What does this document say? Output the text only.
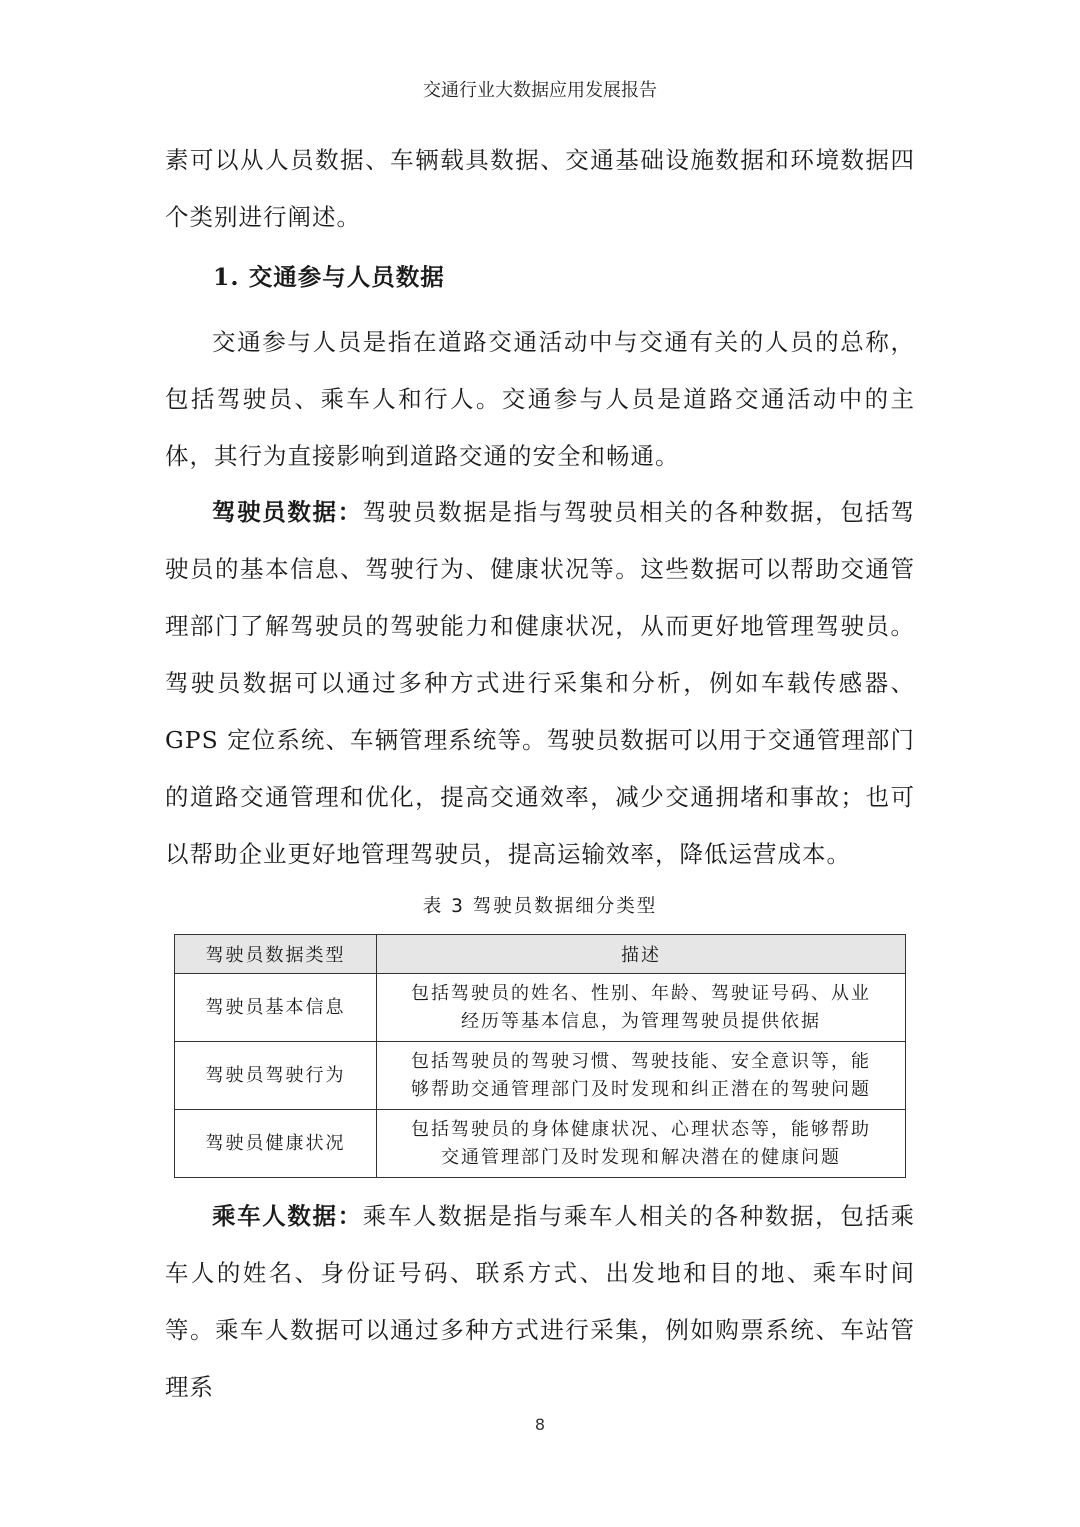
交通行业大数据应用发展报告

素可以从人员数据、车辆载具数据、交通基础设施数据和环境数据四个类别进行阐述。

1. 交通参与人员数据

交通参与人员是指在道路交通活动中与交通有关的人员的总称，包括驾驶员、乘车人和行人。交通参与人员是道路交通活动中的主体，其行为直接影响到道路交通的安全和畅通。

驾驶员数据：驾驶员数据是指与驾驶员相关的各种数据，包括驾驶员的基本信息、驾驶行为、健康状况等。这些数据可以帮助交通管理部门了解驾驶员的驾驶能力和健康状况，从而更好地管理驾驶员。驾驶员数据可以通过多种方式进行采集和分析，例如车载传感器、GPS 定位系统、车辆管理系统等。驾驶员数据可以用于交通管理部门的道路交通管理和优化，提高交通效率，减少交通拥堵和事故；也可以帮助企业更好地管理驾驶员，提高运输效率，降低运营成本。

表 3 驾驶员数据细分类型

驾驶员数据类型	描述
驾驶员基本信息	包括驾驶员的姓名、性别、年龄、驾驶证号码、从业
经历等基本信息，为管理驾驶员提供依据

驾驶员驾驶行为	包括驾驶员的驾驶习惯、驾驶技能、安全意识等，能
够帮助交通管理部门及时发现和纠正潜在的驾驶问题

驾驶员健康状况	包括驾驶员的身体健康状况、心理状态等，能够帮助
交通管理部门及时发现和解决潜在的健康问题

乘车人数据：乘车人数据是指与乘车人相关的各种数据，包括乘车人的姓名、身份证号码、联系方式、出发地和目的地、乘车时间等。乘车人数据可以通过多种方式进行采集，例如购票系统、车站管理系

8
